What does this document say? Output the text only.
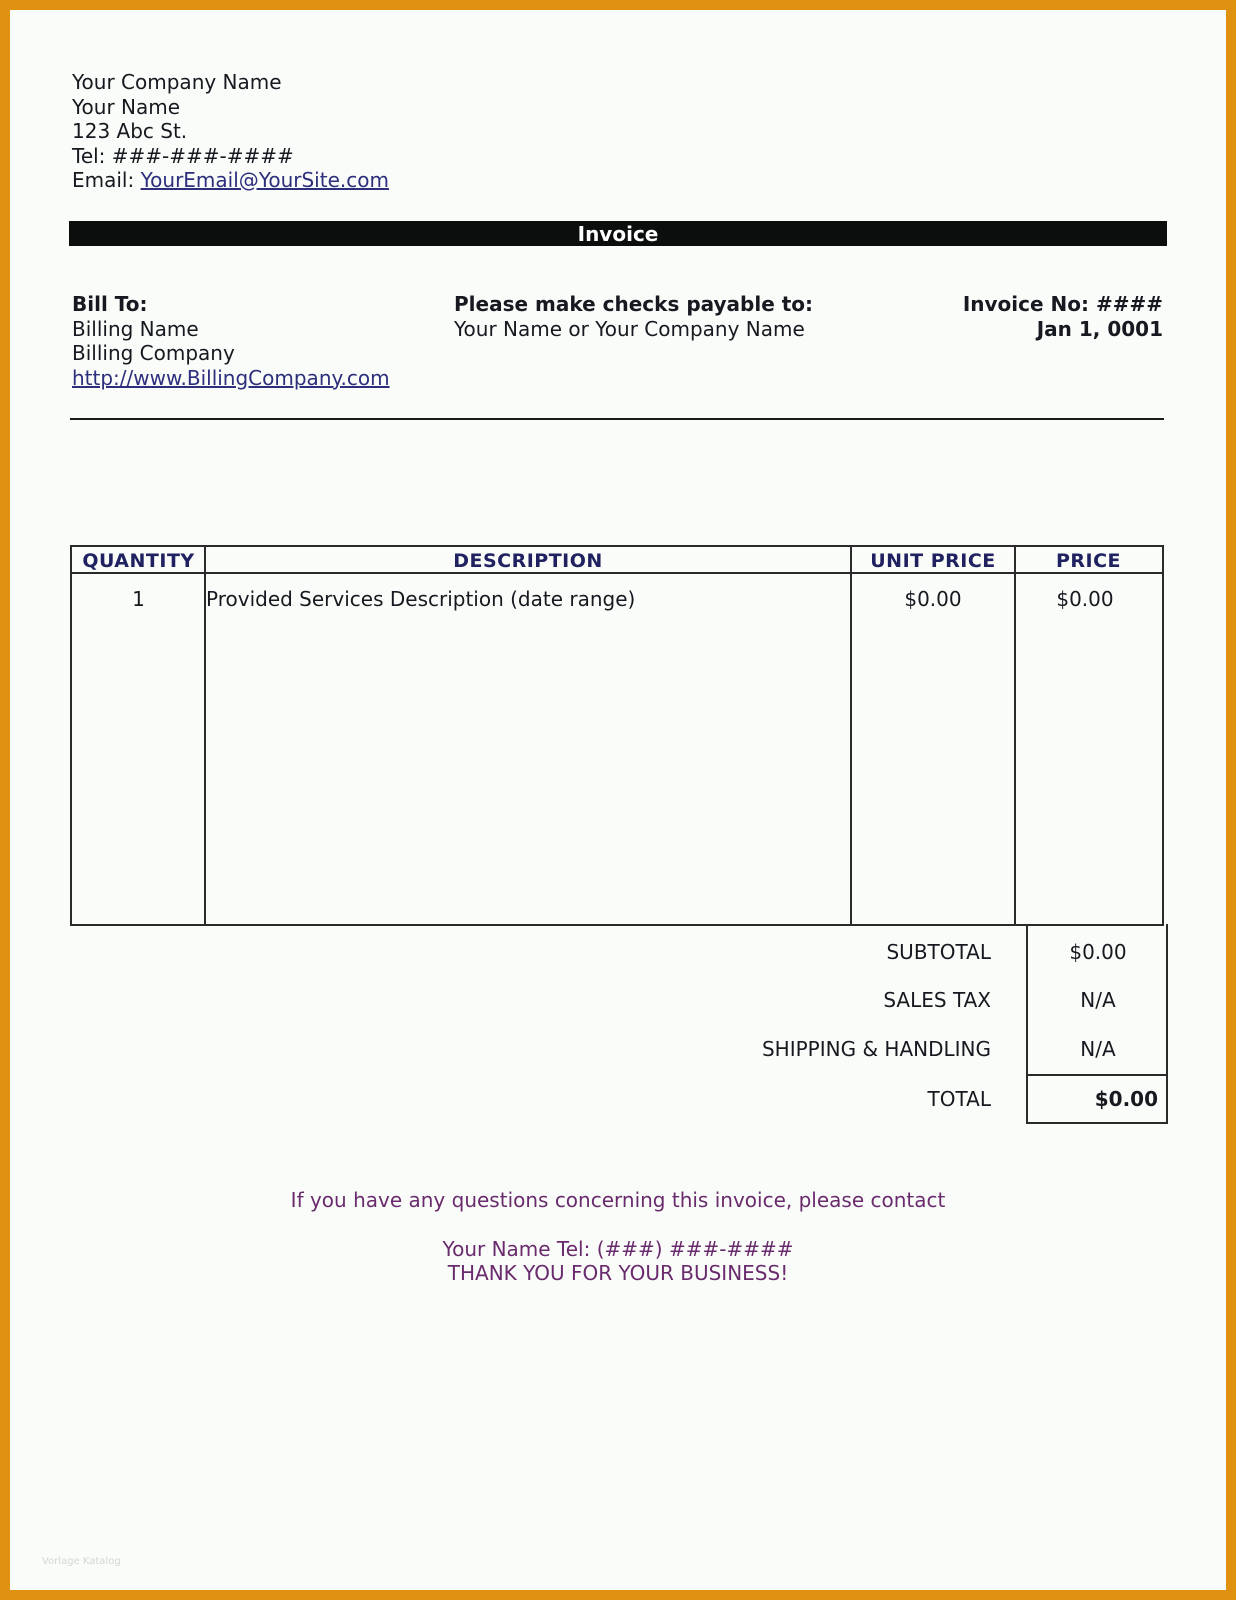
Your Company Name
Your Name
123 Abc St.
Tel: ###-###-####
Email: YourEmail@YourSite.com
Invoice
Bill To:
Billing Name
Billing Company
http://www.BillingCompany.com
Please make checks payable to:
Your Name or Your Company Name
Invoice No: ####
Jan 1, 0001
QUANTITY	DESCRIPTION	UNIT PRICE	PRICE
1	Provided Services Description (date range)	$0.00	$0.00
SUBTOTAL	$0.00
SALES TAX	N/A
SHIPPING & HANDLING	N/A
TOTAL	$0.00
If you have any questions concerning this invoice, please contact
Your Name Tel: (###) ###-####
THANK YOU FOR YOUR BUSINESS!
Vorlage Katalog
